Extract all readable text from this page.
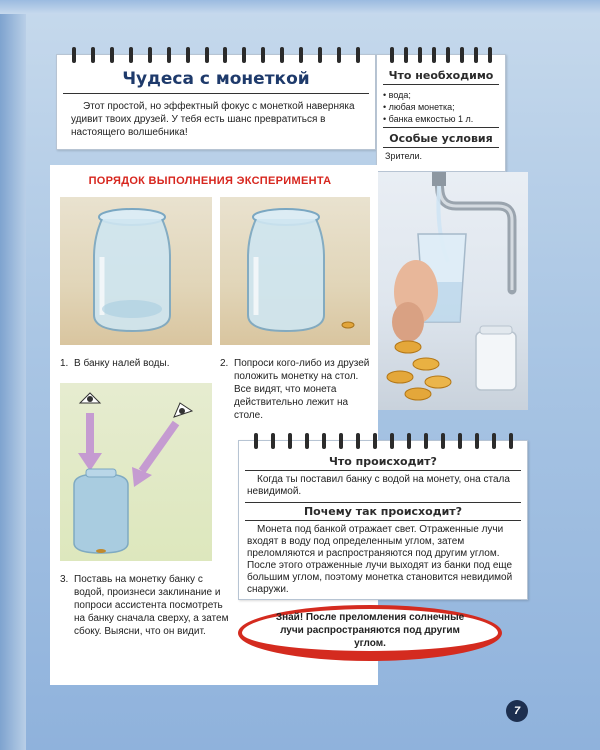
Чудеса с монеткой
Этот простой, но эффектный фокус с монеткой наверняка удивит твоих друзей. У тебя есть шанс превратиться в настоящего волшебника!
Что необходимо
• вода;
• любая монетка;
• банка емкостью 1 л.
Особые условия
Зрители.
ПОРЯДОК ВЫПОЛНЕНИЯ ЭКСПЕРИМЕНТА
1. В банку налей воды.	2. Попроси кого-либо из друзей положить монетку на стол. Все видят, что монета действительно лежит на столе.
3. Поставь на монетку банку с водой, произнеси заклинание и попроси ассистента посмотреть на банку сначала сверху, а затем сбоку. Выясни, что он видит.
Что происходит?
Когда ты поставил банку с водой на монету, она стала невидимой.
Почему так происходит?
Монета под банкой отражает свет. Отраженные лучи входят в воду под определенным углом, затем преломляются и распространяются под другим углом. После этого отраженные лучи выходят из банки под еще большим углом, поэтому монетка становится невидимой снаружи.
Знай! После преломления солнечные лучи распространяются под другим углом.
7
